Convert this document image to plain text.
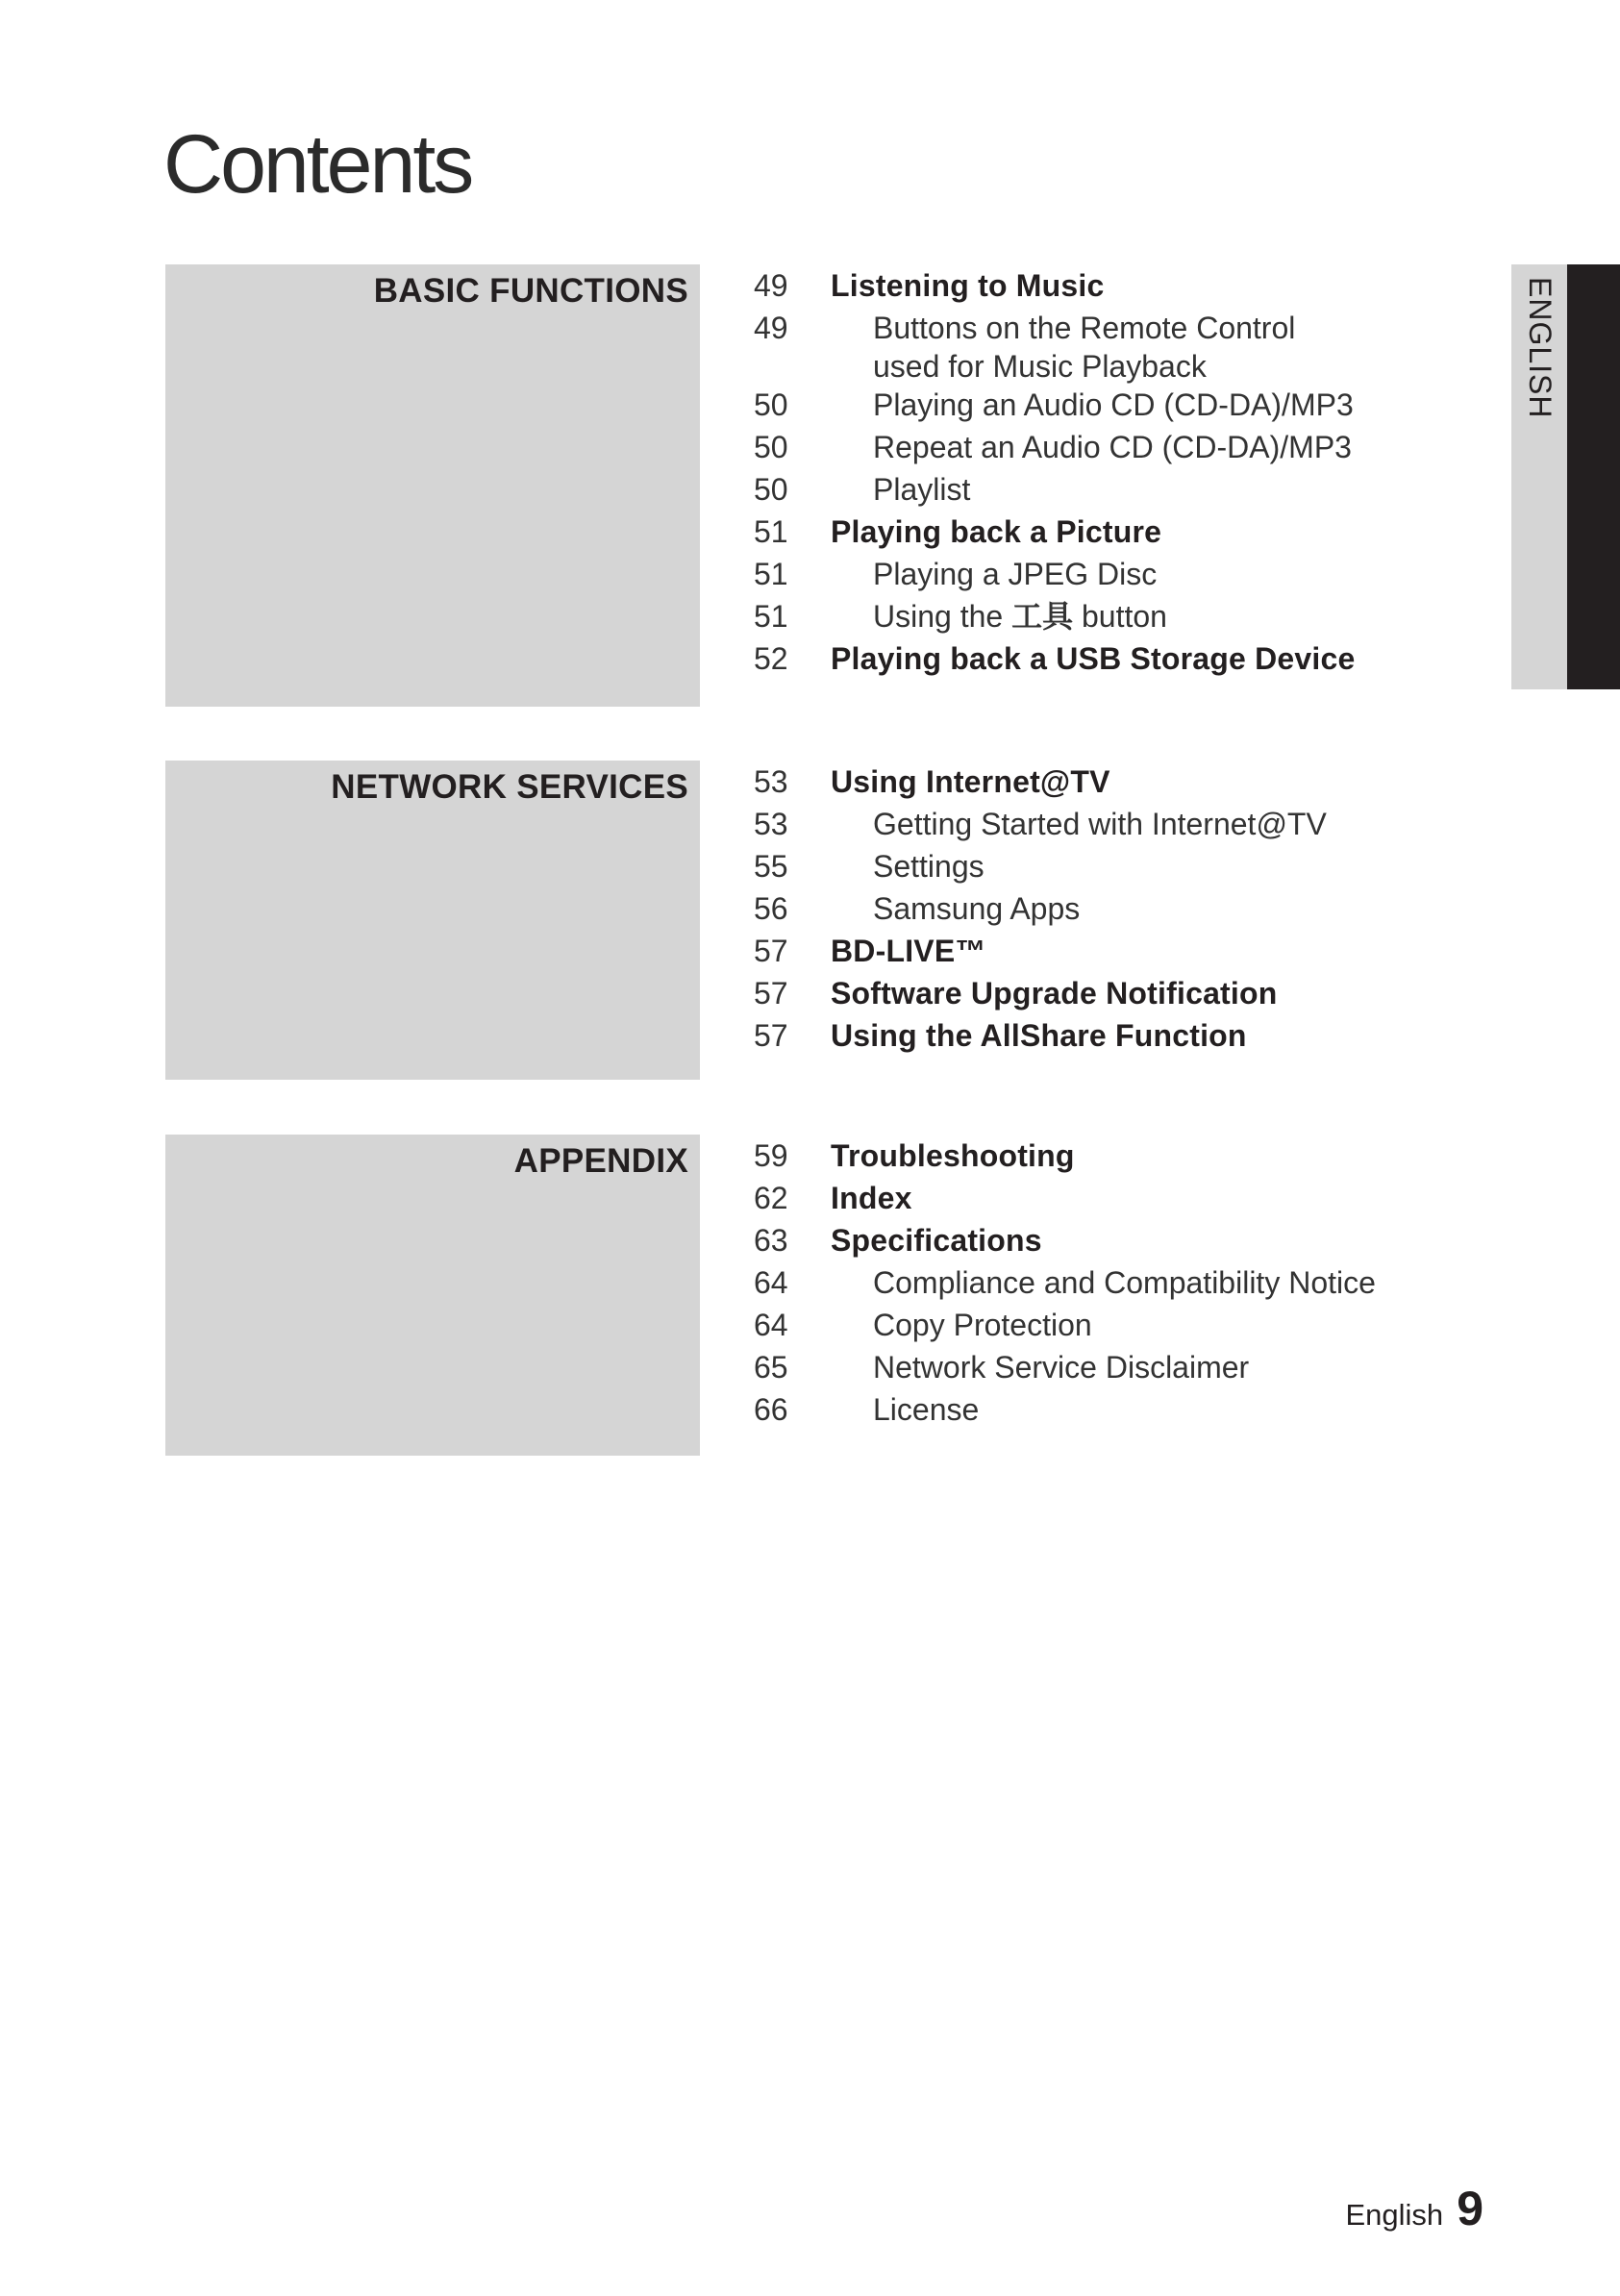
Contents
BASIC FUNCTIONS 49	Listening to Music
49	Buttons on the Remote Control used for Music Playback
50	Playing an Audio CD (CD-DA)/MP3
50	Repeat an Audio CD (CD-DA)/MP3
50	Playlist
51	Playing back a Picture
51	Playing a JPEG Disc
51	Using the 工具 button
52	Playing back a USB Storage Device
NETWORK SERVICES 53	Using Internet@TV
53	Getting Started with Internet@TV
55	Settings
56	Samsung Apps
57	BD-LIVE™
57	Software Upgrade Notification
57	Using the AllShare Function
APPENDIX 59	Troubleshooting
62	Index
63	Specifications
64	Compliance and Compatibility Notice
64	Copy Protection
65	Network Service Disclaimer
66	License
ENGLISH
English 9
